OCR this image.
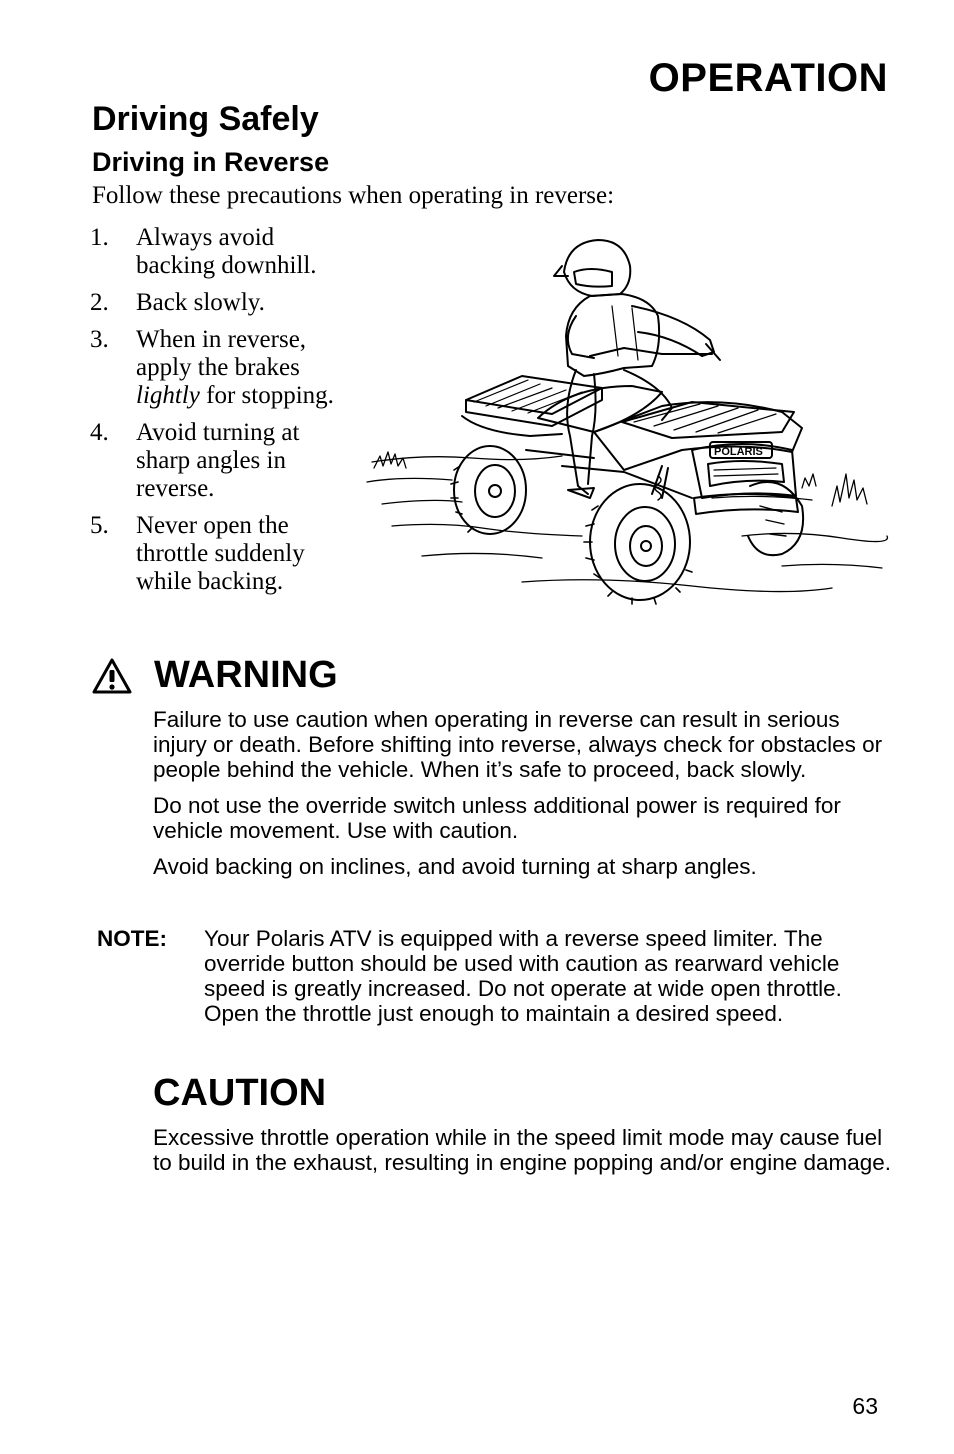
OPERATION
Driving Safely
Driving in Reverse
Follow these precautions when operating in reverse:
1.	Always avoid backing downhill.
2.	Back slowly.
3.	When in reverse, apply the brakes lightly for stopping.
4.	Avoid turning at sharp angles in reverse.
5.	Never open the throttle suddenly while backing.
POLARIS
WARNING

Failure to use caution when operating in reverse can result in serious injury or death. Before shifting into reverse, always check for obstacles or people behind the vehicle. When it’s safe to proceed, back slowly.

Do not use the override switch unless additional power is required for vehicle movement. Use with caution.

Avoid backing on inclines, and avoid turning at sharp angles.

NOTE:	Your Polaris ATV is equipped with a reverse speed limiter. The override button should be used with caution as rearward vehicle speed is greatly increased. Do not operate at wide open throttle. Open the throttle just enough to maintain a desired speed.
CAUTION
Excessive throttle operation while in the speed limit mode may cause fuel to build in the exhaust, resulting in engine popping and/or engine damage.
63
